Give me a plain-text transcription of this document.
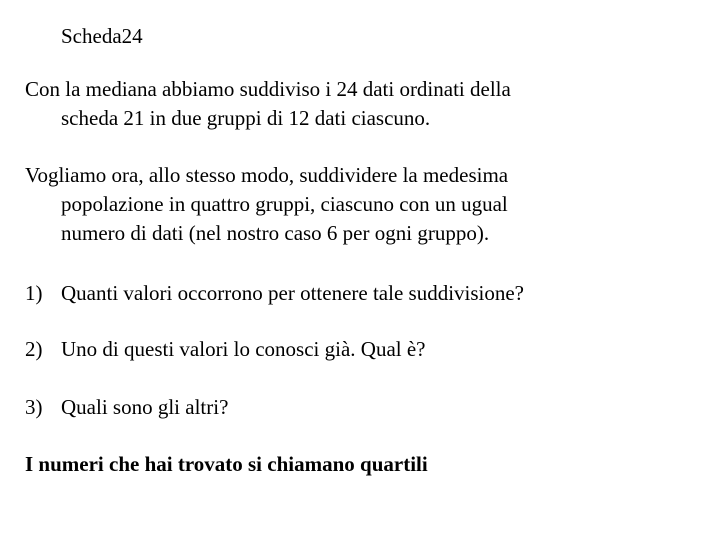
Scheda24
Con la mediana abbiamo suddiviso i 24 dati ordinati della
scheda 21 in due gruppi di 12 dati ciascuno.
Vogliamo ora, allo stesso modo, suddividere la medesima
popolazione in quattro gruppi, ciascuno con un ugual
numero di dati (nel nostro caso 6 per ogni gruppo).
1) Quanti valori occorrono per ottenere tale suddivisione?
2) Uno di questi valori lo conosci già. Qual è?
3) Quali sono gli altri?
I numeri che hai trovato si chiamano quartili
